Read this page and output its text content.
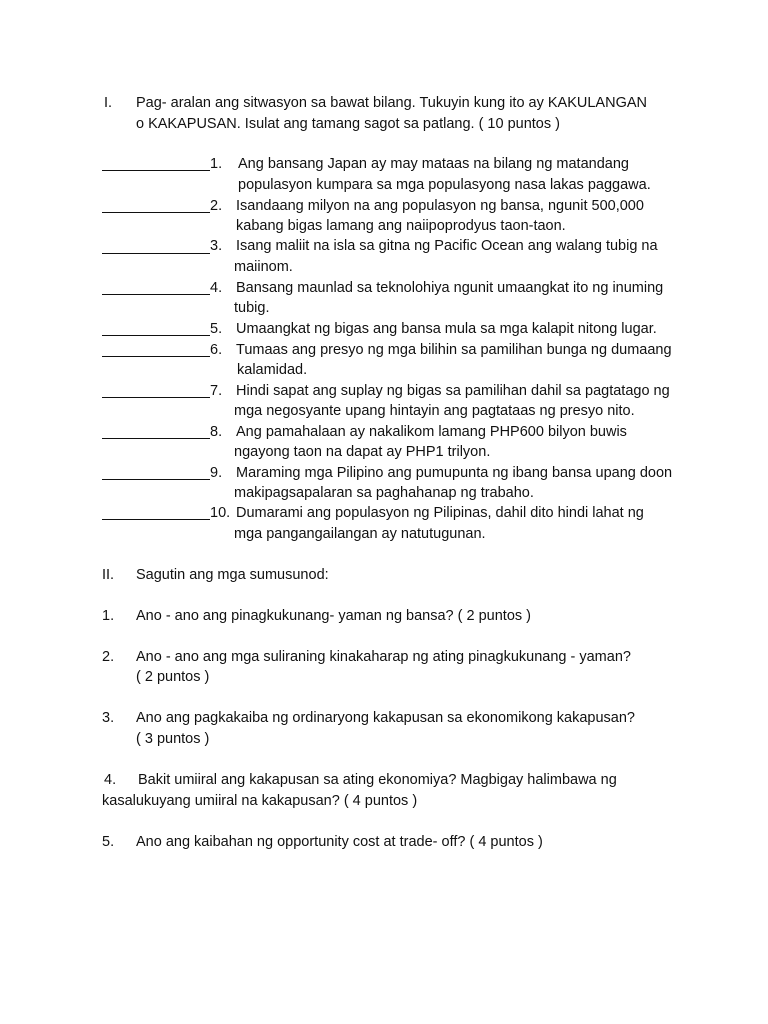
I. Pag- aralan ang sitwasyon sa bawat bilang. Tukuyin kung ito ay KAKULANGAN
o KAKAPUSAN. Isulat ang tamang sagot sa patlang. ( 10 puntos )
1. Ang bansang Japan ay may mataas na bilang ng matandang
populasyon kumpara sa mga populasyong nasa lakas paggawa.
2. Isandaang milyon na ang populasyon ng bansa, ngunit 500,000
kabang bigas lamang ang naiipoprodyus taon-taon.
3. Isang maliit na isla sa gitna ng Pacific Ocean ang walang tubig na
maiinom.
4. Bansang maunlad sa teknolohiya ngunit umaangkat ito ng inuming
tubig.
5. Umaangkat ng bigas ang bansa mula sa mga kalapit nitong lugar.
6. Tumaas ang presyo ng mga bilihin sa pamilihan bunga ng dumaang
kalamidad.
7. Hindi sapat ang suplay ng bigas sa pamilihan dahil sa pagtatago ng
mga negosyante upang hintayin ang pagtataas ng presyo nito.
8. Ang pamahalaan ay nakalikom lamang PHP600 bilyon buwis
ngayong taon na dapat ay PHP1 trilyon.
9. Maraming mga Pilipino ang pumupunta ng ibang bansa upang doon
makipagsapalaran sa paghahanap ng trabaho.
10. Dumarami ang populasyon ng Pilipinas, dahil dito hindi lahat ng
mga pangangailangan ay natutugunan.
II. Sagutin ang mga sumusunod:
1. Ano - ano ang pinagkukunang- yaman ng bansa? ( 2 puntos )
2. Ano - ano ang mga suliraning kinakaharap ng ating pinagkukunang - yaman?
( 2 puntos )
3. Ano ang pagkakaiba ng ordinaryong kakapusan sa ekonomikong kakapusan?
( 3 puntos )
4. Bakit umiiral ang kakapusan sa ating ekonomiya? Magbigay halimbawa ng
kasalukuyang umiiral na kakapusan? ( 4 puntos )
5. Ano ang kaibahan ng opportunity cost at trade- off? ( 4 puntos )
